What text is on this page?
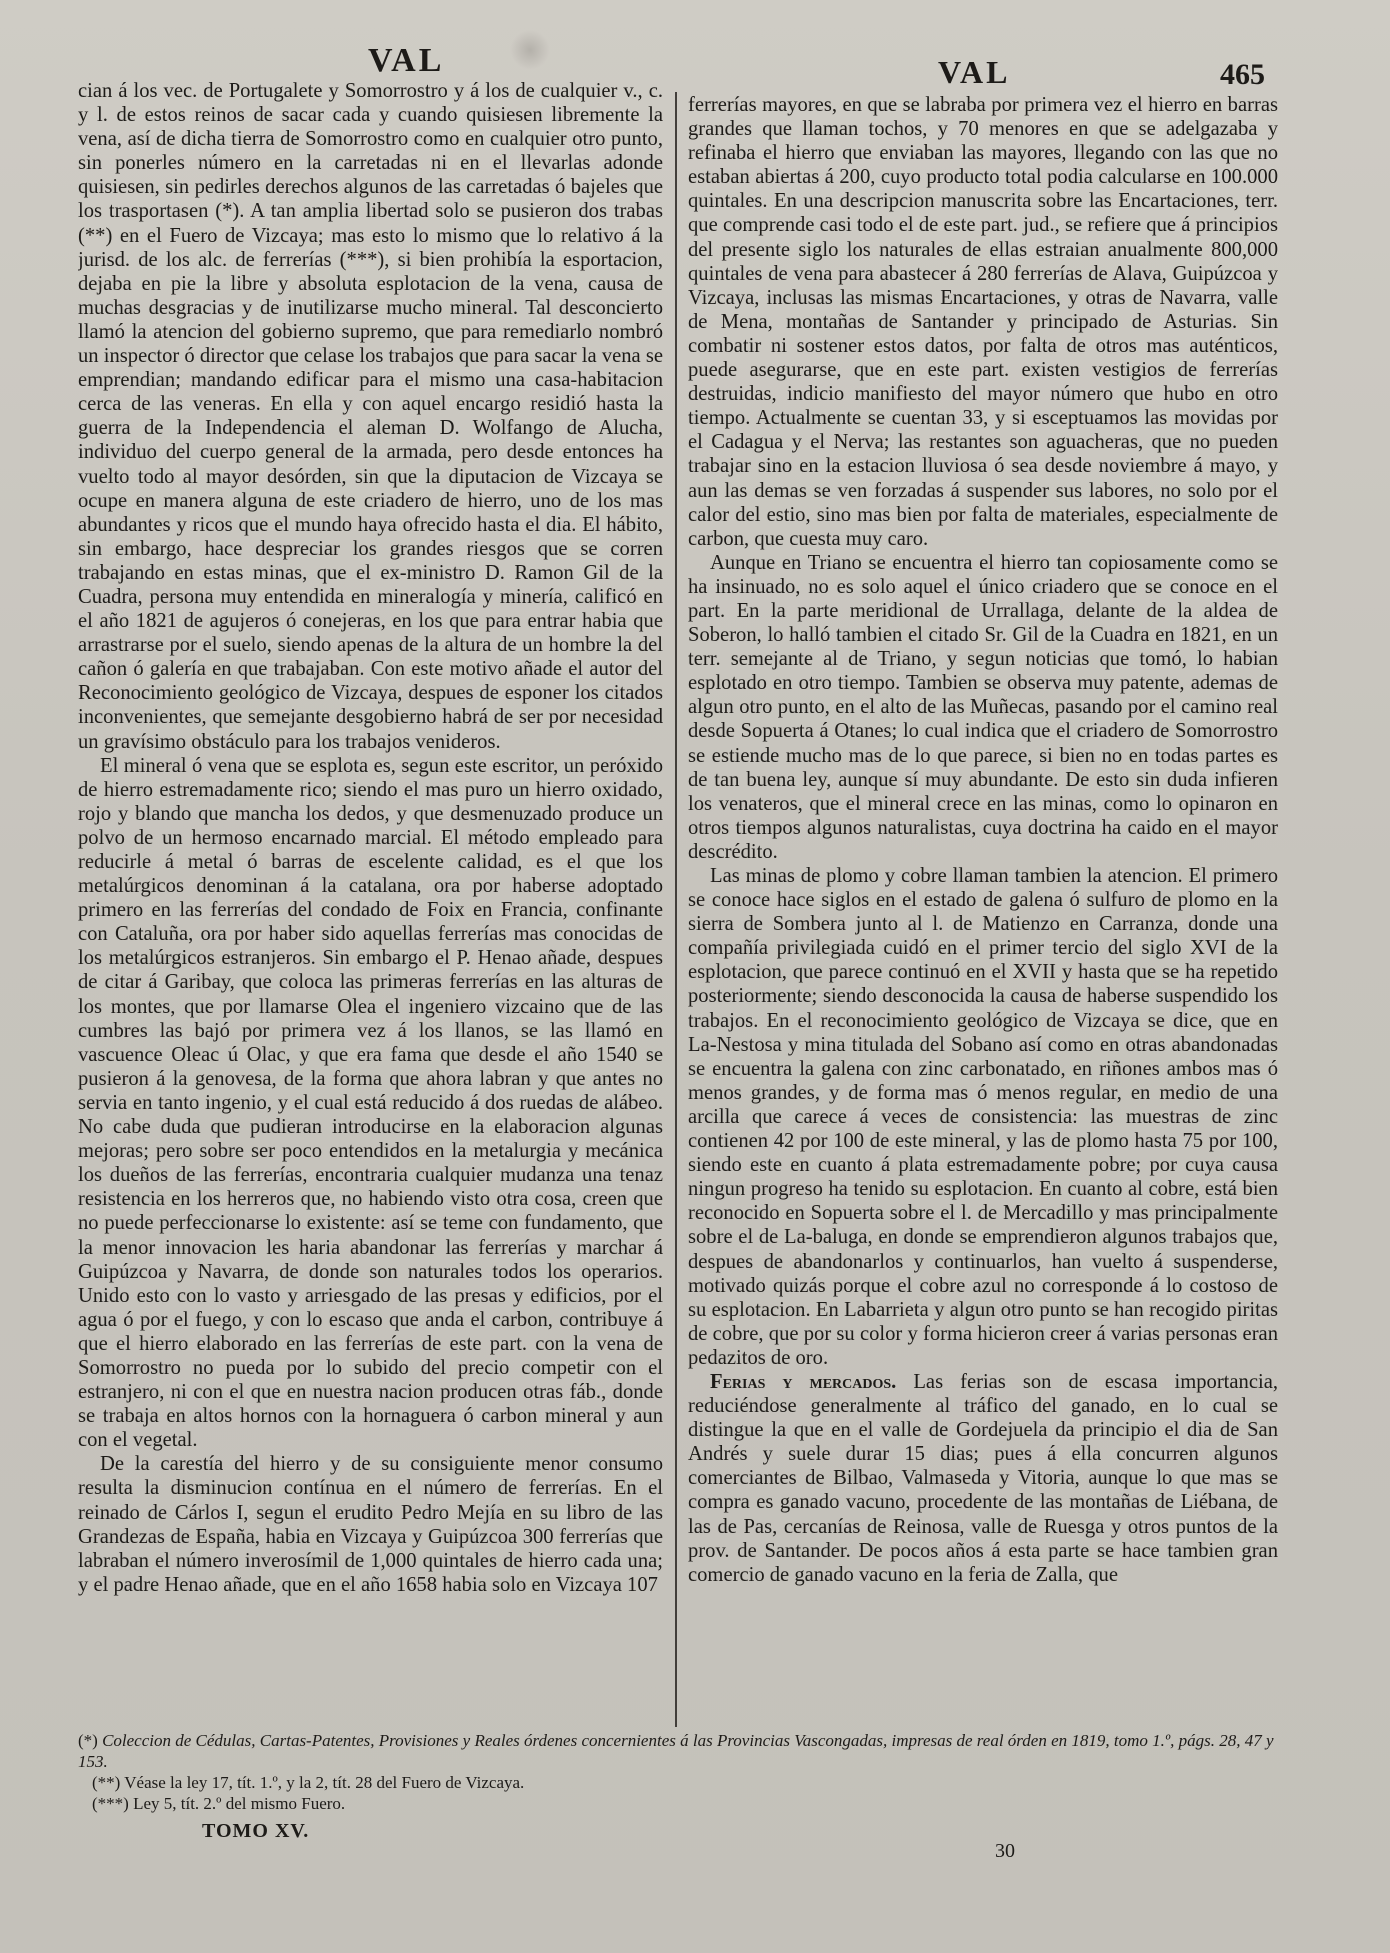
VAL	VAL	465

cian á los vec. de Portugalete y Somorrostro y á los de cualquier v., c. y l. de estos reinos de sacar cada y cuando quisiesen libremente la vena, así de dicha tierra de Somorrostro como en cualquier otro punto, sin ponerles número en la carretadas ni en el llevarlas adonde quisiesen, sin pedirles derechos algunos de las carretadas ó bajeles que los trasportasen (*). A tan amplia libertad solo se pusieron dos trabas (**) en el Fuero de Vizcaya; mas esto lo mismo que lo relativo á la jurisd. de los alc. de ferrerías (***), si bien prohibía la esportacion, dejaba en pie la libre y absoluta esplotacion de la vena, causa de muchas desgracias y de inutilizarse mucho mineral. Tal desconcierto llamó la atencion del gobierno supremo, que para remediarlo nombró un inspector ó director que celase los trabajos que para sacar la vena se emprendian; mandando edificar para el mismo una casa-habitacion cerca de las veneras. En ella y con aquel encargo residió hasta la guerra de la Independencia el aleman D. Wolfango de Alucha, individuo del cuerpo general de la armada, pero desde entonces ha vuelto todo al mayor desórden, sin que la diputacion de Vizcaya se ocupe en manera alguna de este criadero de hierro, uno de los mas abundantes y ricos que el mundo haya ofrecido hasta el dia. El hábito, sin embargo, hace despreciar los grandes riesgos que se corren trabajando en estas minas, que el ex-ministro D. Ramon Gil de la Cuadra, persona muy entendida en mineralogía y minería, calificó en el año 1821 de agujeros ó conejeras, en los que para entrar habia que arrastrarse por el suelo, siendo apenas de la altura de un hombre la del cañon ó galería en que trabajaban. Con este motivo añade el autor del Reconocimiento geológico de Vizcaya, despues de esponer los citados inconvenientes, que semejante desgobierno habrá de ser por necesidad un gravísimo obstáculo para los trabajos venideros.

El mineral ó vena que se esplota es, segun este escritor, un peróxido de hierro estremadamente rico; siendo el mas puro un hierro oxidado, rojo y blando que mancha los dedos, y que desmenuzado produce un polvo de un hermoso encarnado marcial. El método empleado para reducirle á metal ó barras de escelente calidad, es el que los metalúrgicos denominan á la catalana, ora por haberse adoptado primero en las ferrerías del condado de Foix en Francia, confinante con Cataluña, ora por haber sido aquellas ferrerías mas conocidas de los metalúrgicos estranjeros. Sin embargo el P. Henao añade, despues de citar á Garibay, que coloca las primeras ferrerías en las alturas de los montes, que por llamarse Olea el ingeniero vizcaino que de las cumbres las bajó por primera vez á los llanos, se las llamó en vascuence Oleac ú Olac, y que era fama que desde el año 1540 se pusieron á la genovesa, de la forma que ahora labran y que antes no servia en tanto ingenio, y el cual está reducido á dos ruedas de alábeo. No cabe duda que pudieran introducirse en la elaboracion algunas mejoras; pero sobre ser poco entendidos en la metalurgia y mecánica los dueños de las ferrerías, encontraria cualquier mudanza una tenaz resistencia en los herreros que, no habiendo visto otra cosa, creen que no puede perfeccionarse lo existente: así se teme con fundamento, que la menor innovacion les haria abandonar las ferrerías y marchar á Guipúzcoa y Navarra, de donde son naturales todos los operarios. Unido esto con lo vasto y arriesgado de las presas y edificios, por el agua ó por el fuego, y con lo escaso que anda el carbon, contribuye á que el hierro elaborado en las ferrerías de este part. con la vena de Somorrostro no pueda por lo subido del precio competir con el estranjero, ni con el que en nuestra nacion producen otras fáb., donde se trabaja en altos hornos con la hornaguera ó carbon mineral y aun con el vegetal.

De la carestía del hierro y de su consiguiente menor consumo resulta la disminucion contínua en el número de ferrerías. En el reinado de Cárlos I, segun el erudito Pedro Mejía en su libro de las Grandezas de España, habia en Vizcaya y Guipúzcoa 300 ferrerías que labraban el número inverosímil de 1,000 quintales de hierro cada una; y el padre Henao añade, que en el año 1658 habia solo en Vizcaya 107

ferrerías mayores, en que se labraba por primera vez el hierro en barras grandes que llaman tochos, y 70 menores en que se adelgazaba y refinaba el hierro que enviaban las mayores, llegando con las que no estaban abiertas á 200, cuyo producto total podia calcularse en 100.000 quintales. En una descripcion manuscrita sobre las Encartaciones, terr. que comprende casi todo el de este part. jud., se refiere que á principios del presente siglo los naturales de ellas estraian anualmente 800,000 quintales de vena para abastecer á 280 ferrerías de Alava, Guipúzcoa y Vizcaya, inclusas las mismas Encartaciones, y otras de Navarra, valle de Mena, montañas de Santander y principado de Asturias. Sin combatir ni sostener estos datos, por falta de otros mas auténticos, puede asegurarse, que en este part. existen vestigios de ferrerías destruidas, indicio manifiesto del mayor número que hubo en otro tiempo. Actualmente se cuentan 33, y si esceptuamos las movidas por el Cadagua y el Nerva; las restantes son aguacheras, que no pueden trabajar sino en la estacion lluviosa ó sea desde noviembre á mayo, y aun las demas se ven forzadas á suspender sus labores, no solo por el calor del estio, sino mas bien por falta de materiales, especialmente de carbon, que cuesta muy caro.

Aunque en Triano se encuentra el hierro tan copiosamente como se ha insinuado, no es solo aquel el único criadero que se conoce en el part. En la parte meridional de Urrallaga, delante de la aldea de Soberon, lo halló tambien el citado Sr. Gil de la Cuadra en 1821, en un terr. semejante al de Triano, y segun noticias que tomó, lo habian esplotado en otro tiempo. Tambien se observa muy patente, ademas de algun otro punto, en el alto de las Muñecas, pasando por el camino real desde Sopuerta á Otanes; lo cual indica que el criadero de Somorrostro se estiende mucho mas de lo que parece, si bien no en todas partes es de tan buena ley, aunque sí muy abundante. De esto sin duda infieren los venateros, que el mineral crece en las minas, como lo opinaron en otros tiempos algunos naturalistas, cuya doctrina ha caido en el mayor descrédito.

Las minas de plomo y cobre llaman tambien la atencion. El primero se conoce hace siglos en el estado de galena ó sulfuro de plomo en la sierra de Sombera junto al l. de Matienzo en Carranza, donde una compañía privilegiada cuidó en el primer tercio del siglo XVI de la esplotacion, que parece continuó en el XVII y hasta que se ha repetido posteriormente; siendo desconocida la causa de haberse suspendido los trabajos. En el reconocimiento geológico de Vizcaya se dice, que en La-Nestosa y mina titulada del Sobano así como en otras abandonadas se encuentra la galena con zinc carbonatado, en riñones ambos mas ó menos grandes, y de forma mas ó menos regular, en medio de una arcilla que carece á veces de consistencia: las muestras de zinc contienen 42 por 100 de este mineral, y las de plomo hasta 75 por 100, siendo este en cuanto á plata estremadamente pobre; por cuya causa ningun progreso ha tenido su esplotacion. En cuanto al cobre, está bien reconocido en Sopuerta sobre el l. de Mercadillo y mas principalmente sobre el de La-baluga, en donde se emprendieron algunos trabajos que, despues de abandonarlos y continuarlos, han vuelto á suspenderse, motivado quizás porque el cobre azul no corresponde á lo costoso de su esplotacion. En Labarrieta y algun otro punto se han recogido piritas de cobre, que por su color y forma hicieron creer á varias personas eran pedazitos de oro.

Ferias y mercados. Las ferias son de escasa importancia, reduciéndose generalmente al tráfico del ganado, en lo cual se distingue la que en el valle de Gordejuela da principio el dia de San Andrés y suele durar 15 dias; pues á ella concurren algunos comerciantes de Bilbao, Valmaseda y Vitoria, aunque lo que mas se compra es ganado vacuno, procedente de las montañas de Liébana, de las de Pas, cercanías de Reinosa, valle de Ruesga y otros puntos de la prov. de Santander. De pocos años á esta parte se hace tambien gran comercio de ganado vacuno en la feria de Zalla, que

(*) Coleccion de Cédulas, Cartas-Patentes, Provisiones y Reales órdenes concernientes á las Provincias Vascongadas, impresas de real órden en 1819, tomo 1.º, págs. 28, 47 y 153.

(**) Véase la ley 17, tít. 1.º, y la 2, tít. 28 del Fuero de Vizcaya.

(***) Ley 5, tít. 2.º del mismo Fuero.

TOMO XV.
30
